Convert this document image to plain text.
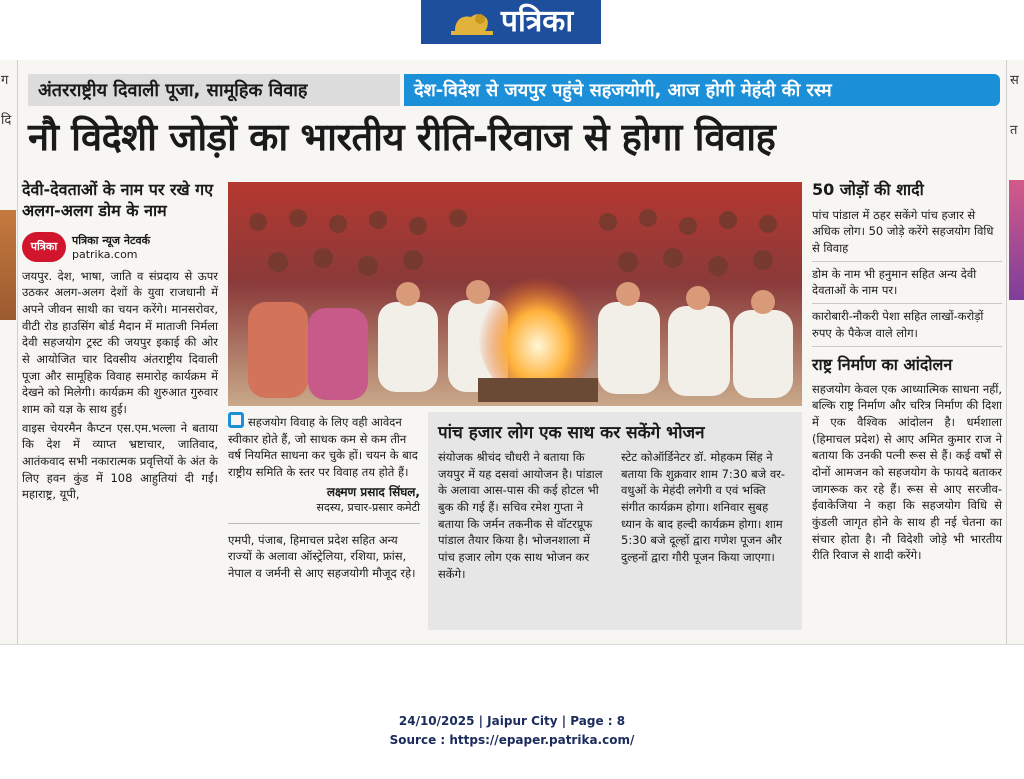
पत्रिका
ग
दि
स
त
अंतरराष्ट्रीय दिवाली पूजा, सामूहिक विवाह	देश-विदेश से जयपुर पहुंचे सहजयोगी, आज होगी मेहंदी की रस्म
नौ विदेशी जोड़ों का भारतीय रीति-रिवाज से होगा विवाह
देवी-देवताओं के नाम पर रखे गए अलग-अलग डोम के नाम
पत्रिका	पत्रिका न्यूज नेटवर्क
patrika.com

जयपुर. देश, भाषा, जाति व संप्रदाय से ऊपर उठकर अलग-अलग देशों के युवा राजधानी में अपने जीवन साथी का चयन करेंगे। मानसरोवर, वीटी रोड हाउसिंग बोर्ड मैदान में माताजी निर्मला देवी सहजयोग ट्रस्ट की जयपुर इकाई की ओर से आयोजित चार दिवसीय अंतराष्ट्रीय दिवाली पूजा और सामूहिक विवाह समारोह कार्यक्रम में देखने को मिलेगी। कार्यक्रम की शुरुआत गुरुवार शाम को यज्ञ के साथ हुई।

वाइस चेयरमैन कैप्टन एस.एम.भल्ला ने बताया कि देश में व्याप्त भ्रष्टाचार, जातिवाद, आतंकवाद सभी नकारात्मक प्रवृत्तियों के अंत के लिए हवन कुंड में 108 आहुतियां दी गईं। महाराष्ट्र, यूपी,

सहजयोग विवाह के लिए वही आवेदन स्वीकार होते हैं, जो साधक कम से कम तीन वर्ष नियमित साधना कर चुके हों। चयन के बाद राष्ट्रीय समिति के स्तर पर विवाह तय होते हैं।
लक्ष्मण प्रसाद सिंघल,
सदस्य, प्रचार-प्रसार कमेटी
एमपी, पंजाब, हिमाचल प्रदेश सहित अन्य राज्यों के अलावा ऑस्ट्रेलिया, रशिया, फ्रांस, नेपाल व जर्मनी से आए सहजयोगी मौजूद रहे।
पांच हजार लोग एक साथ कर सकेंगे भोजन
संयोजक श्रीचंद चौधरी ने बताया कि जयपुर में यह दसवां आयोजन है। पांडाल के अलावा आस-पास की कई होटल भी बुक की गई हैं। सचिव रमेश गुप्ता ने बताया कि जर्मन तकनीक से वॉटरप्रूफ पांडाल तैयार किया है। भोजनशाला में पांच हजार लोग एक साथ भोजन कर सकेंगे।
स्टेट कोऑर्डिनेटर डॉ. मोहकम सिंह ने बताया कि शुक्रवार शाम 7:30 बजे वर-वधुओं के मेहंदी लगेगी व एवं भक्ति संगीत कार्यक्रम होगा। शनिवार सुबह ध्यान के बाद हल्दी कार्यक्रम होगा। शाम 5:30 बजे दूल्हों द्वारा गणेश पूजन और दुल्हनों द्वारा गौरी पूजन किया जाएगा।
50 जोड़ों की शादी
पांच पांडाल में ठहर सकेंगे पांच हजार से अधिक लोग। 50 जोड़े करेंगे सहजयोग विधि से विवाह
डोम के नाम भी हनुमान सहित अन्य देवी देवताओं के नाम पर।
कारोबारी-नौकरी पेशा सहित लाखों-करोड़ों रुपए के पैकेज वाले लोग।
राष्ट्र निर्माण का आंदोलन
सहजयोग केवल एक आध्यात्मिक साधना नहीं, बल्कि राष्ट्र निर्माण और चरित्र निर्माण की दिशा में एक वैश्विक आंदोलन है। धर्मशाला (हिमाचल प्रदेश) से आए अमित कुमार राज ने बताया कि उनकी पत्नी रूस से हैं। कई वर्षों से दोनों आमजन को सहजयोग के फायदे बताकर जागरूक कर रहे हैं। रूस से आए सरजीव-ईवाकेजिया ने कहा कि सहजयोग विधि से कुंडली जागृत होने के साथ ही नई चेतना का संचार होता है। नौ विदेशी जोड़े भी भारतीय रीति रिवाज से शादी करेंगे।
24/10/2025 | Jaipur City | Page : 8
Source : https://epaper.patrika.com/
